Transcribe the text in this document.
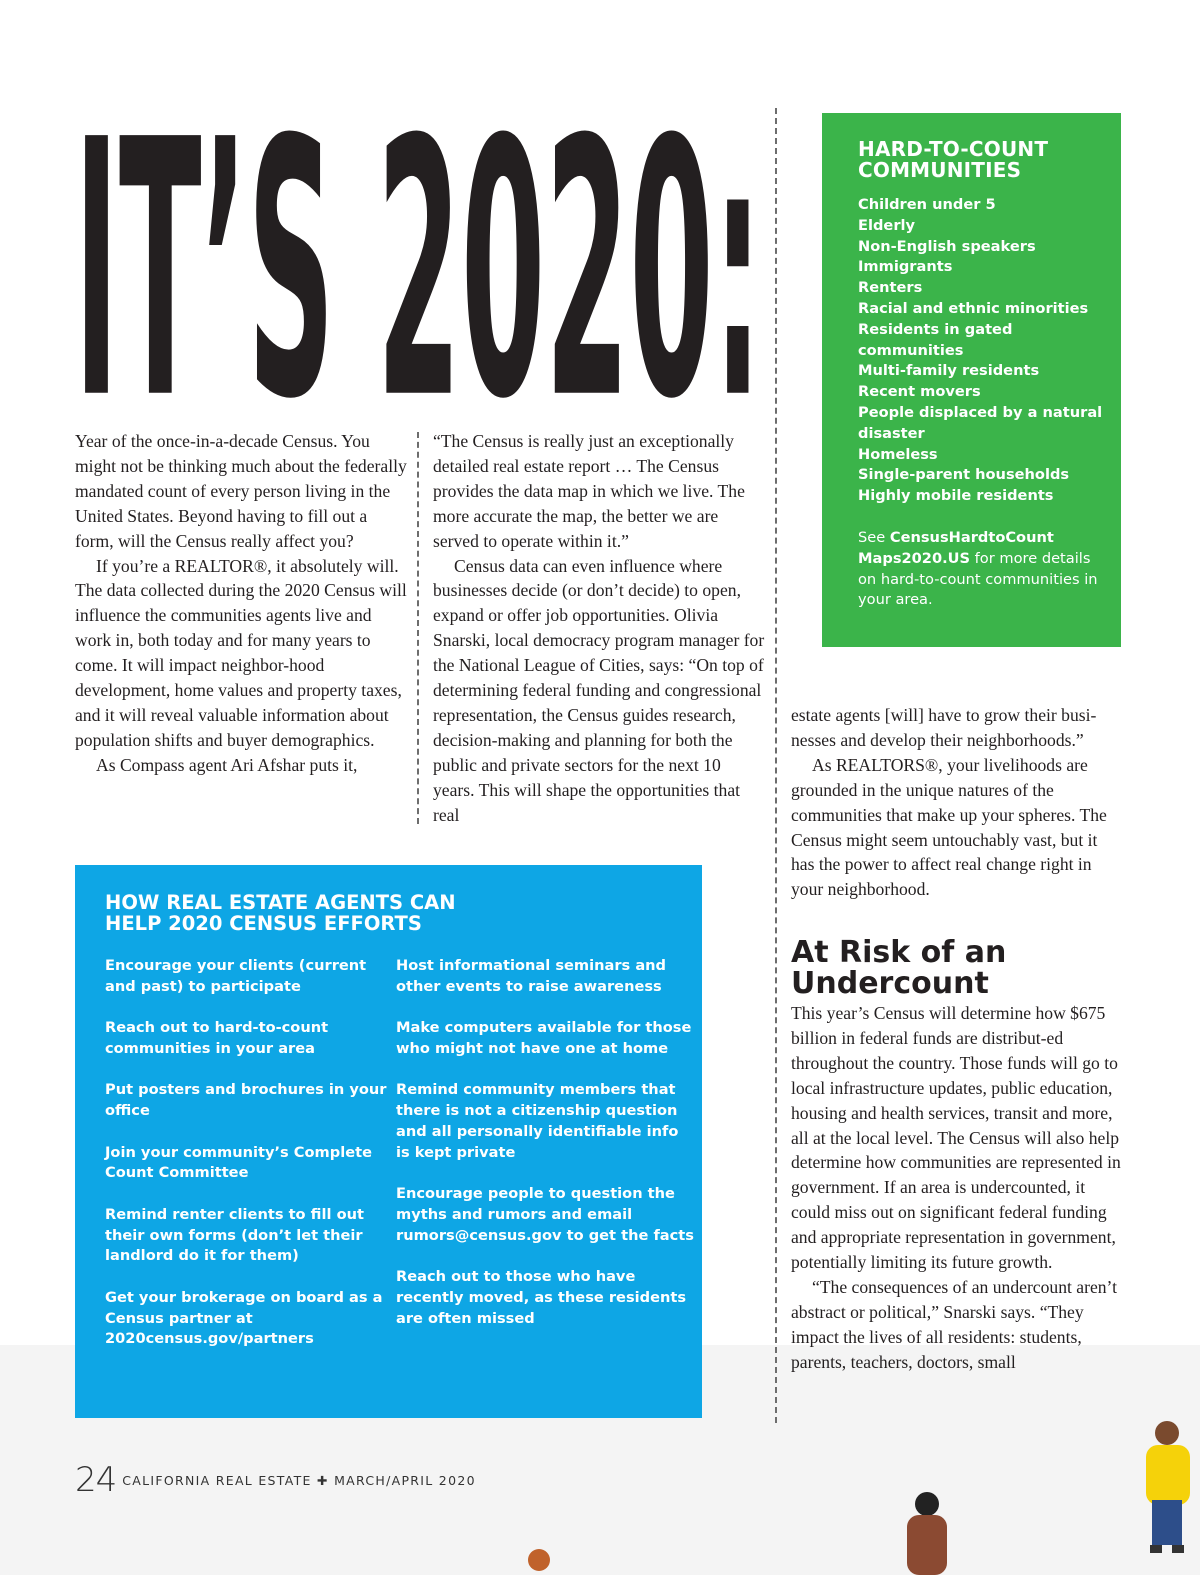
IT’S 2020:

Year of the once-in-a-decade Census. You might not be thinking much about the federally mandated count of every person living in the United States. Beyond having to fill out a form, will the Census really affect you?

If you’re a REALTOR®, it absolutely will. The data collected during the 2020 Census will influence the communities agents live and work in, both today and for many years to come. It will impact neighbor-hood development, home values and property taxes, and it will reveal valuable information about population shifts and buyer demographics.

As Compass agent Ari Afshar puts it,

“The Census is really just an exceptionally detailed real estate report … The Census provides the data map in which we live. The more accurate the map, the better we are served to operate within it.”

Census data can even influence where businesses decide (or don’t decide) to open, expand or offer job opportunities. Olivia Snarski, local democracy program manager for the National League of Cities, says: “On top of determining federal funding and congressional representation, the Census guides research, decision-making and planning for both the public and private sectors for the next 10 years. This will shape the opportunities that real

estate agents [will] have to grow their busi-nesses and develop their neighborhoods.”

As REALTORS®, your livelihoods are grounded in the unique natures of the communities that make up your spheres. The Census might seem untouchably vast, but it has the power to affect real change right in your neighborhood.

At Risk of an Undercount

This year’s Census will determine how $675 billion in federal funds are distribut-ed throughout the country. Those funds will go to local infrastructure updates, public education, housing and health services, transit and more, all at the local level. The Census will also help determine how communities are represented in government. If an area is undercounted, it could miss out on significant federal funding and appropriate representation in government, potentially limiting its future growth.

“The consequences of an undercount aren’t abstract or political,” Snarski says. “They impact the lives of all residents: students, parents, teachers, doctors, small

HARD-TO-COUNT COMMUNITIES
Children under 5
Elderly
Non-English speakers
Immigrants
Renters
Racial and ethnic minorities
Residents in gated communities
Multi-family residents
Recent movers
People displaced by a natural disaster
Homeless
Single-parent households
Highly mobile residents
See CensusHardtoCount Maps2020.US for more details on hard-to-count communities in your area.
HOW REAL ESTATE AGENTS CAN HELP 2020 CENSUS EFFORTS
Encourage your clients (current and past) to participate
Reach out to hard-to-count communities in your area
Put posters and brochures in your office
Join your community’s Complete Count Committee
Remind renter clients to fill out their own forms (don’t let their landlord do it for them)
Get your brokerage on board as a Census partner at 2020census.gov/partners
Host informational seminars and other events to raise awareness
Make computers available for those who might not have one at home
Remind community members that there is not a citizenship question and all personally identifiable info is kept private
Encourage people to question the myths and rumors and email rumors@census.gov to get the facts
Reach out to those who have recently moved, as these residents are often missed
24 $^{CALIFORNIA REAL ESTATE ✚ MARCH/APRIL 2020}$
